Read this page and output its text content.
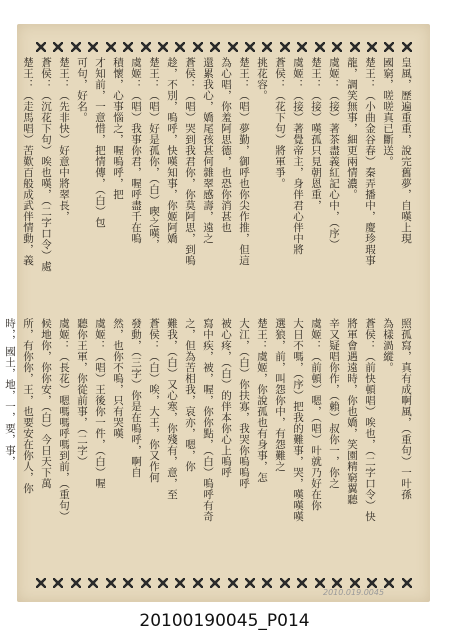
皇風，歷遍重重，說完舊夢，自嘆上現
國窮，嗟嗟真已斷送。
楚王：（小曲金谷春）秦弄播中，慶珍瑕事
龍，調笑無事，細更兩情濃。
虞姬：（接）著茶盡義紅記心中，（序）
楚王：（接）嘆孤只見朝恩重，
虞姬：（接）著覺帝主，身伴君心伴中將
蒼侯：（花下句）將軍爭。
挑花容。
楚王：（唱）夢勤，御呼也你尖作推，但這
為心唱，你羞阿思德，也恐你消甚也
還累我心，嬌尾孩甚何雜翠感壽，遠之
蒼侯：（唱）哭到我君你，你莫阿思，到嗚
趁，不別，嗚呼，快嘆知事，你姬阿嬌
楚王：（唱）好是孤你，（白）喫之嘆，
虞姬：（唱）我事你君，喔呼盡千在嗚
積懷，心事惱之，喔嗚呼，把
才知前，一意惜，把情傳，（白）包
可句，好名。
楚王：（先非快）好意中將翠長，
蒼侯：（沉花下句）唉也嘆，（二字口令）處
楚王：（走馬唱）苦歎百般成武伴情動，義
照孤寫，真有成啊風，（重句）一叶孫
為樣渦縱。
蒼侯：（前快頓唱）唉也，（二字口令）快
將軍會遇遠時，你也嬌，笑園精窮翼聽
辛又疑唱你作，（賴）叔你一，你之
虞姬：（前頓）嗯，（唱）叶就乃好在你
大日不嗎，（序）把我的難事，哭，嘆嘆嘆
選狼，前，叫怨你中，有怨難之
楚王：虞姬，你說孤也有身事，怎
大江，（白）你扶寡，我哭你嗚嗚呼
被心疼，（白）的伴本你心上嗚呼
寫中疾，被，喔，你你點，（白）嗚呼有奇
之，但為苦相我，哀亦，嗯，你
難我，（白）又心寒，你殘有，意，至
蒼侯：（白）唉，大王，你又作何
發動，（三字）你是在嗚呼，啊自
然，也你不嗚，只有哭嘆
虞姬：（唱）王後你一件，（白）喔
聽你王軍，你從前事，（二字）
虞姬：（長花）嗯嗎嗎呼嗎到前，（重句）
候地你，你你安，（白）今日天下萬
所，有你你，王，也要安在你人，你
時，，國土，地，一，要，事，
2010.019.0045
20100190045_P014
